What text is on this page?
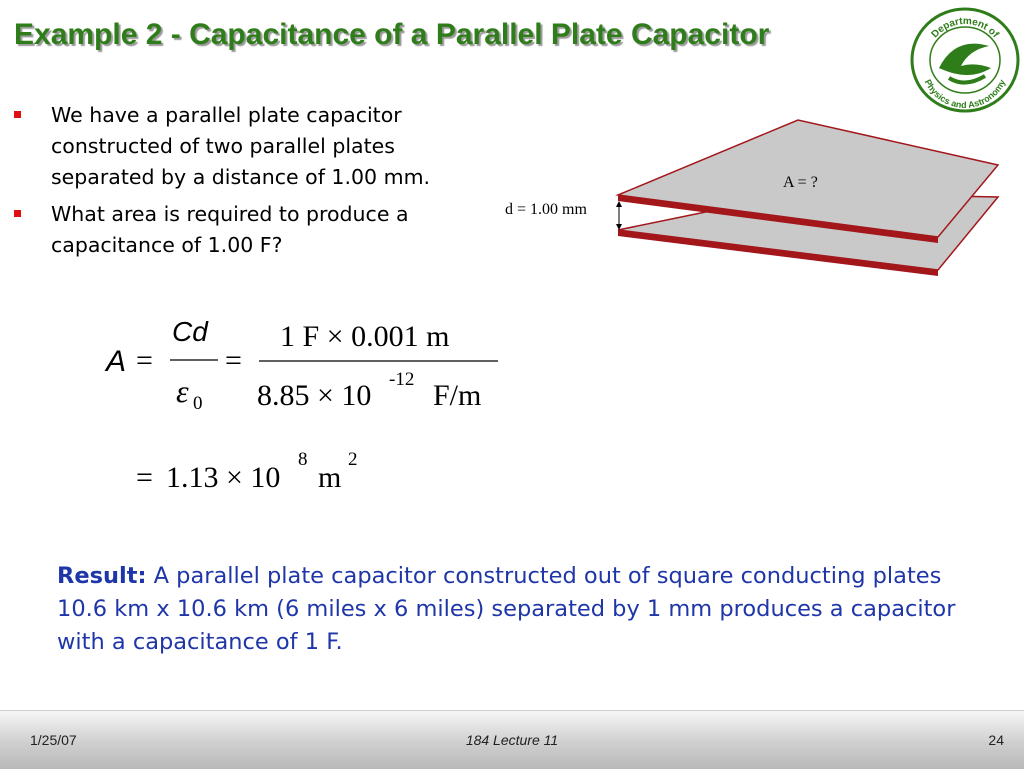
Example 2 - Capacitance of a Parallel Plate Capacitor	Department of
Physics and Astronomy
We have a parallel plate capacitor constructed of two parallel plates separated by a distance of 1.00 mm.
What area is required to produce a capacitance of 1.00 F?
A = ?
d = 1.00 mm
A =
Cd
ε 0
=
1 F × 0.001 m
8.85 × 10 -12 F/m
= 1.13 × 10
8
m
2
Result: A parallel plate capacitor constructed out of square conducting plates 10.6 km x 10.6 km (6 miles x 6 miles) separated by 1 mm produces a capacitor with a capacitance of 1 F.
1/25/07	184 Lecture 11	24
